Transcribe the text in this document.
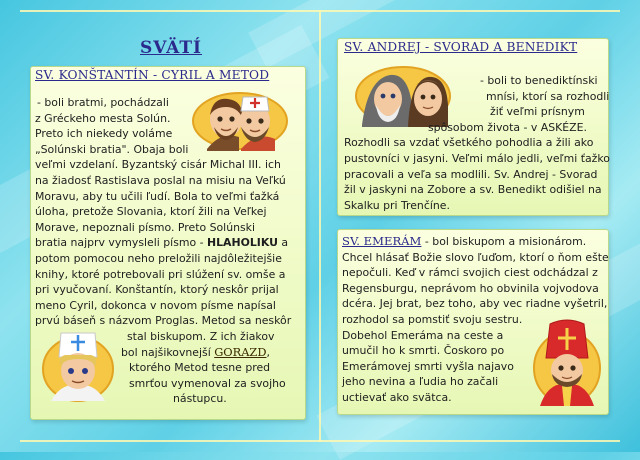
SVÄTÍ
SV. KONŠTANTÍN - CYRIL A METOD
- boli bratmi, pochádzali
z Gréckeho mesta Solún.
Preto ich niekedy voláme
„Solúnski bratia". Obaja boli
veľmi vzdelaní. Byzantský cisár Michal III. ich
na žiadosť Rastislava poslal na misiu na Veľkú
Moravu, aby tu učili ľudí. Bola to veľmi ťažká
úloha, pretože Slovania, ktorí žili na Veľkej
Morave, nepoznali písmo. Preto Solúnski
bratia najprv vymysleli písmo - HLAHOLIKU a
potom pomocou neho preložili najdôležitejšie
knihy, ktoré potrebovali pri slúžení sv. omše a
pri vyučovaní. Konštantín, ktorý neskôr prijal
meno Cyril, dokonca v novom písme napísal
prvú báseň s názvom Proglas. Metod sa neskôr
stal biskupom. Z ich žiakov
bol najšikovnejší GORAZD,
ktorého Metod tesne pred
smrťou vymenoval za svojho
nástupcu.
SV. ANDREJ - SVORAD A BENEDIKT
- boli to benediktínski
mnísi, ktorí sa rozhodli
žiť veľmi prísnym
spôsobom života - v ASKÉZE.
Rozhodli sa vzdať všetkého pohodlia a žili ako
pustovníci v jasyni. Veľmi málo jedli, veľmi ťažko
pracovali a veľa sa modlili. Sv. Andrej - Svorad
žil v jaskyni na Zobore a sv. Benedikt odišiel na
Skalku pri Trenčíne.
SV. EMERÁM - bol biskupom a misionárom.
Chcel hlásať Božie slovo ľuďom, ktorí o ňom ešte
nepočuli. Keď v rámci svojich ciest odchádzal z
Regensburgu, neprávom ho obvinila vojvodova
dcéra. Jej brat, bez toho, aby vec riadne vyšetril,
rozhodol sa pomstiť svoju sestru.
Dobehol Emeráma na ceste a
umučil ho k smrti. Čoskoro po
Emerámovej smrti vyšla najavo
jeho nevina a ľudia ho začali
uctievať ako svätca.
